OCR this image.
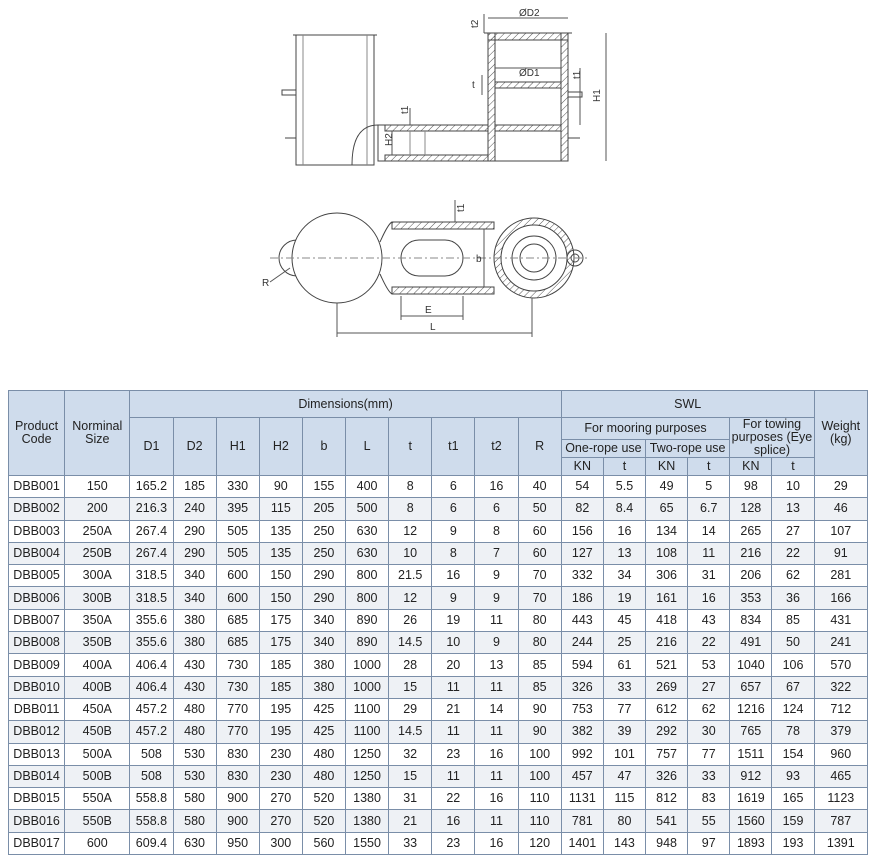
t2
ØD2
ØD1
t
t1
H1
t1
H2
R
b
E
L
t1
Product Code	Norminal Size	Dimensions(mm)										SWL						Weight (kg)
		D1	D2	H1	H2	b	L	t	t1	t2	R	For mooring purposes				For towing purposes (Eye splice)		
												One-rope use		Two-rope use				
												KN	t	KN	t	KN	t	
DBB001	150	165.2	185	330	90	155	400	8	6	16	40	54	5.5	49	5	98	10	29
DBB002	200	216.3	240	395	115	205	500	8	6	6	50	82	8.4	65	6.7	128	13	46
DBB003	250A	267.4	290	505	135	250	630	12	9	8	60	156	16	134	14	265	27	107
DBB004	250B	267.4	290	505	135	250	630	10	8	7	60	127	13	108	11	216	22	91
DBB005	300A	318.5	340	600	150	290	800	21.5	16	9	70	332	34	306	31	206	62	281
DBB006	300B	318.5	340	600	150	290	800	12	9	9	70	186	19	161	16	353	36	166
DBB007	350A	355.6	380	685	175	340	890	26	19	11	80	443	45	418	43	834	85	431
DBB008	350B	355.6	380	685	175	340	890	14.5	10	9	80	244	25	216	22	491	50	241
DBB009	400A	406.4	430	730	185	380	1000	28	20	13	85	594	61	521	53	1040	106	570
DBB010	400B	406.4	430	730	185	380	1000	15	11	11	85	326	33	269	27	657	67	322
DBB011	450A	457.2	480	770	195	425	1100	29	21	14	90	753	77	612	62	1216	124	712
DBB012	450B	457.2	480	770	195	425	1100	14.5	11	11	90	382	39	292	30	765	78	379
DBB013	500A	508	530	830	230	480	1250	32	23	16	100	992	101	757	77	1511	154	960
DBB014	500B	508	530	830	230	480	1250	15	11	11	100	457	47	326	33	912	93	465
DBB015	550A	558.8	580	900	270	520	1380	31	22	16	110	1131	115	812	83	1619	165	1123
DBB016	550B	558.8	580	900	270	520	1380	21	16	11	110	781	80	541	55	1560	159	787
DBB017	600	609.4	630	950	300	560	1550	33	23	16	120	1401	143	948	97	1893	193	1391
